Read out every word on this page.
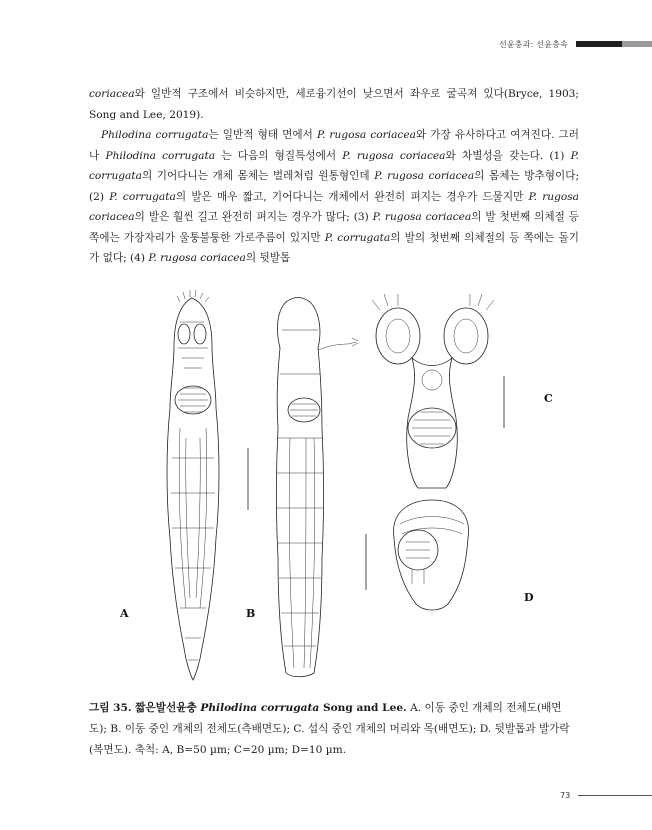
선윤충과: 선윤충속

coriacea와 일반적 구조에서 비슷하지만, 세로융기선이 낮으면서 좌우로 굴곡져 있다(Bryce, 1903; Song and Lee, 2019).

Philodina corrugata는 일반적 형태 면에서 P. rugosa coriacea와 가장 유사하다고 여겨진다. 그러나 Philodina corrugata 는 다음의 형질특성에서 P. rugosa coriacea와 차별성을 갖는다. (1) P. corrugata의 기어다니는 개체 몸체는 벌레처럼 원통형인데 P. rugosa coriacea의 몸체는 방추형이다; (2) P. corrugata의 발은 매우 짧고, 기어다니는 개체에서 완전히 펴지는 경우가 드물지만 P. rugosa coriacea의 발은 훨씬 길고 완전히 펴지는 경우가 많다; (3) P. rugosa coriacea의 발 첫번째 의체절 등 쪽에는 가장자리가 울퉁불퉁한 가로주름이 있지만 P. corrugata의 발의 첫번째 의체절의 등 쪽에는 돌기가 없다; (4) P. rugosa coriacea의 뒷발톱

A	B
C
D
그림 35. 짧은발선윤충 Philodina corrugata Song and Lee. A. 이동 중인 개체의 전체도(배면도); B. 이동 중인 개체의 전체도(측배면도); C. 섭식 중인 개체의 머리와 목(배면도); D. 뒷발톱과 발가락(복면도). 축척: A, B=50 µm; C=20 µm; D=10 µm.
73
